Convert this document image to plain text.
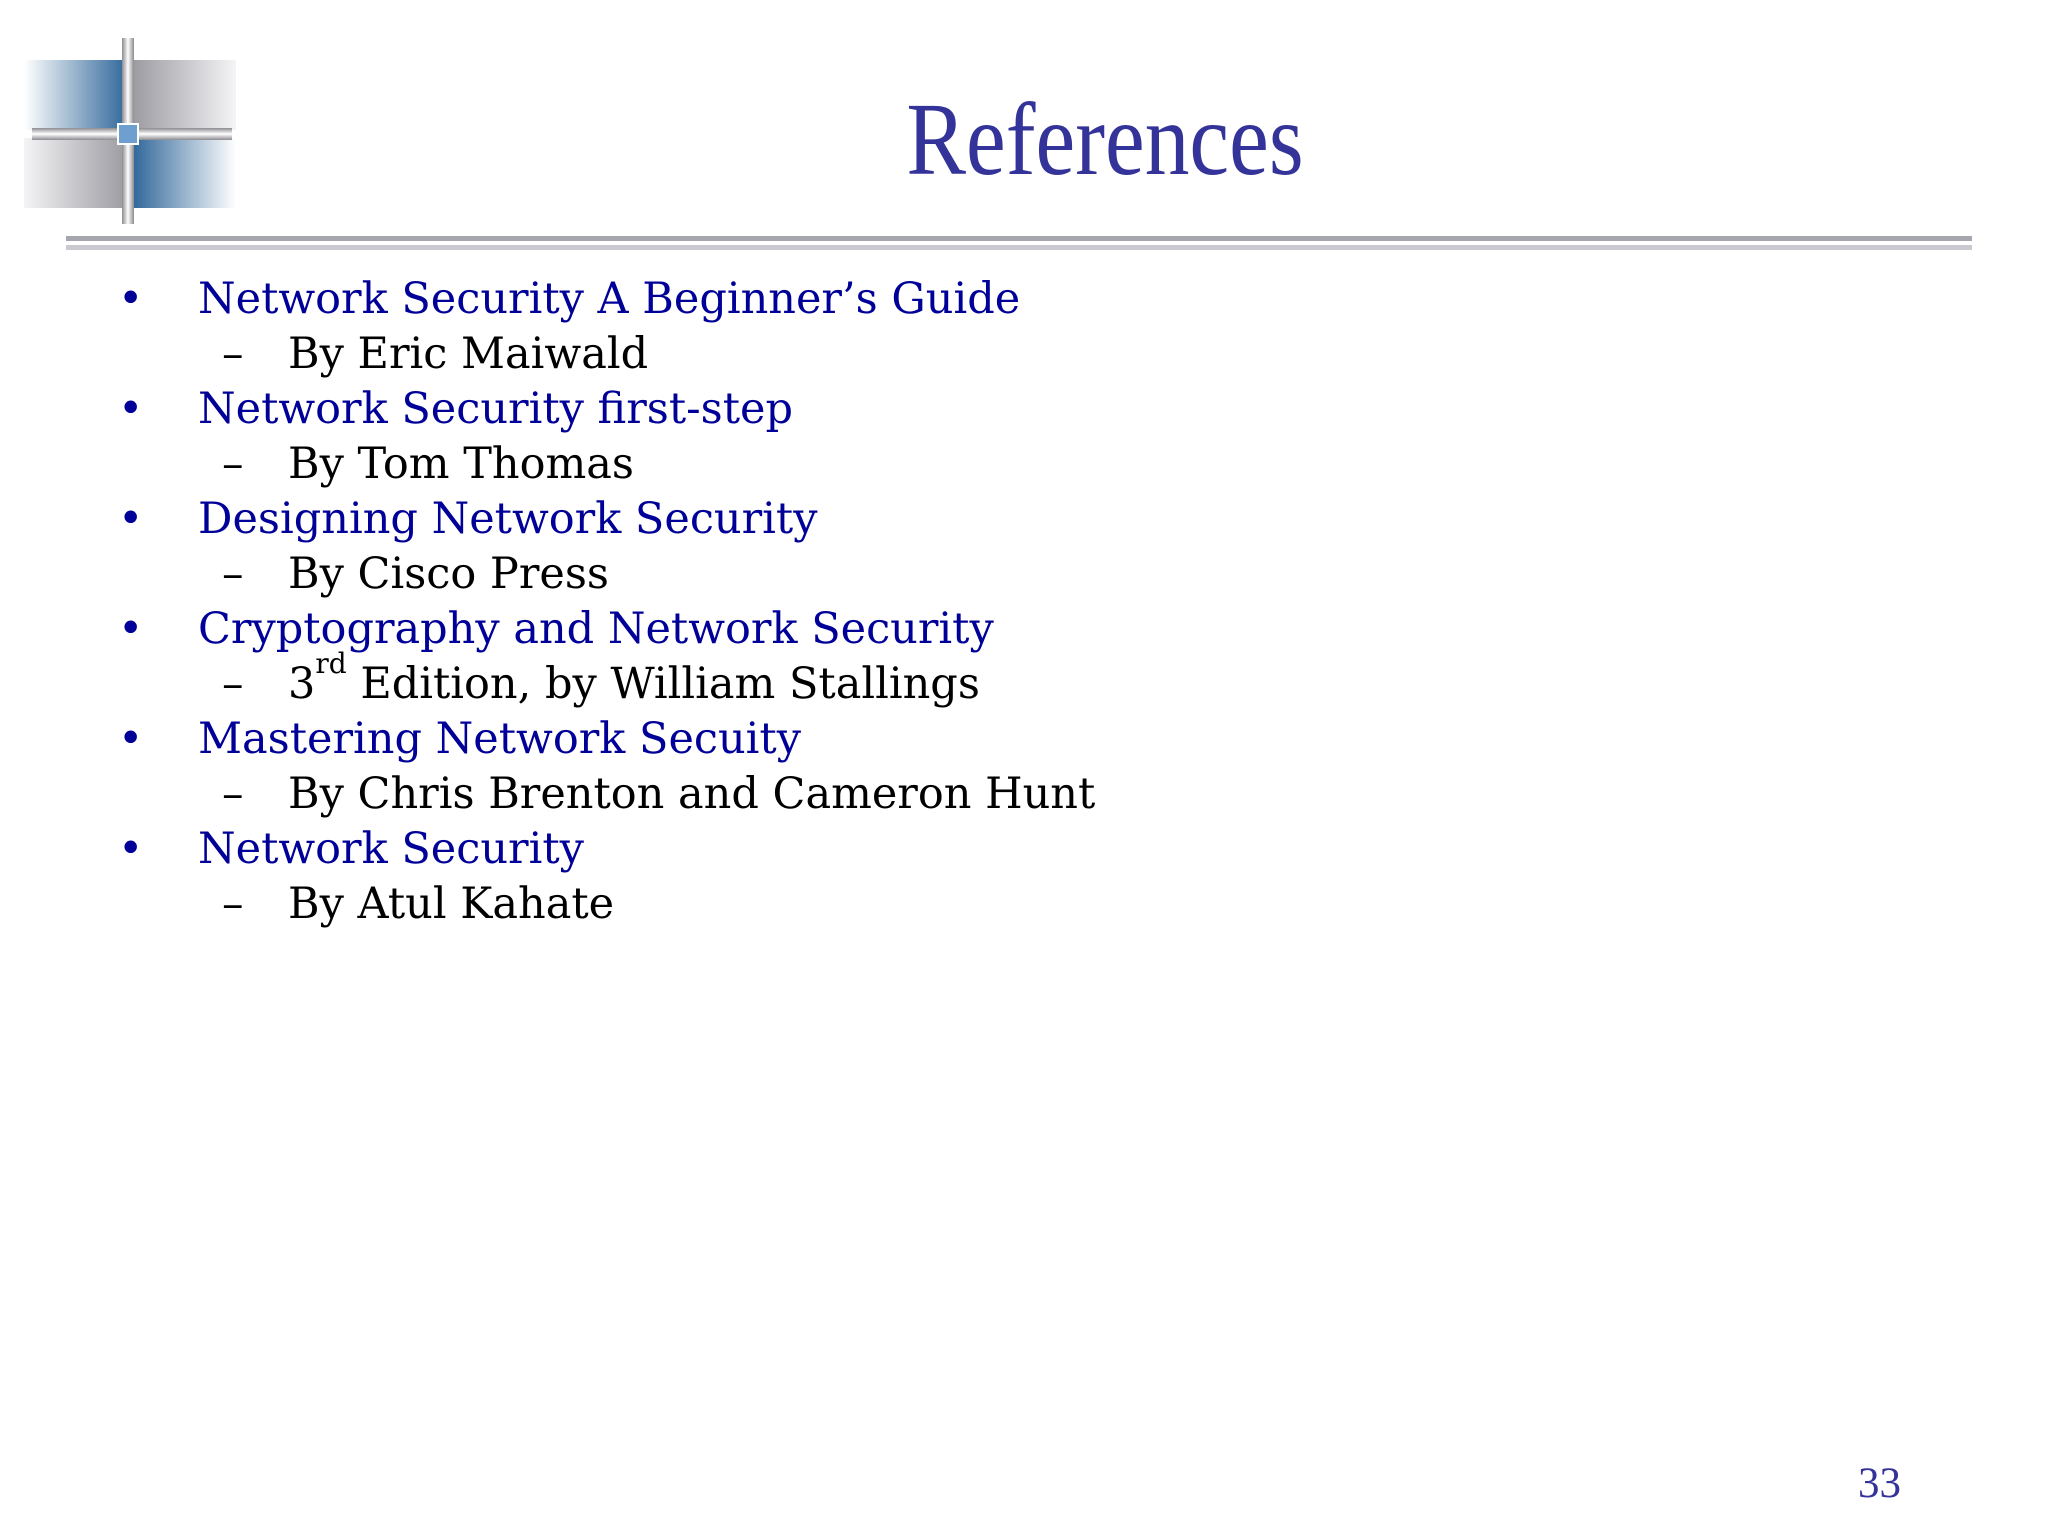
References
• Network Security A Beginner’s Guide
– By Eric Maiwald
• Network Security first-step
– By Tom Thomas
• Designing Network Security
– By Cisco Press
• Cryptography and Network Security
– 3rd Edition, by William Stallings
• Mastering Network Secuity
– By Chris Brenton and Cameron Hunt
• Network Security
– By Atul Kahate
33
